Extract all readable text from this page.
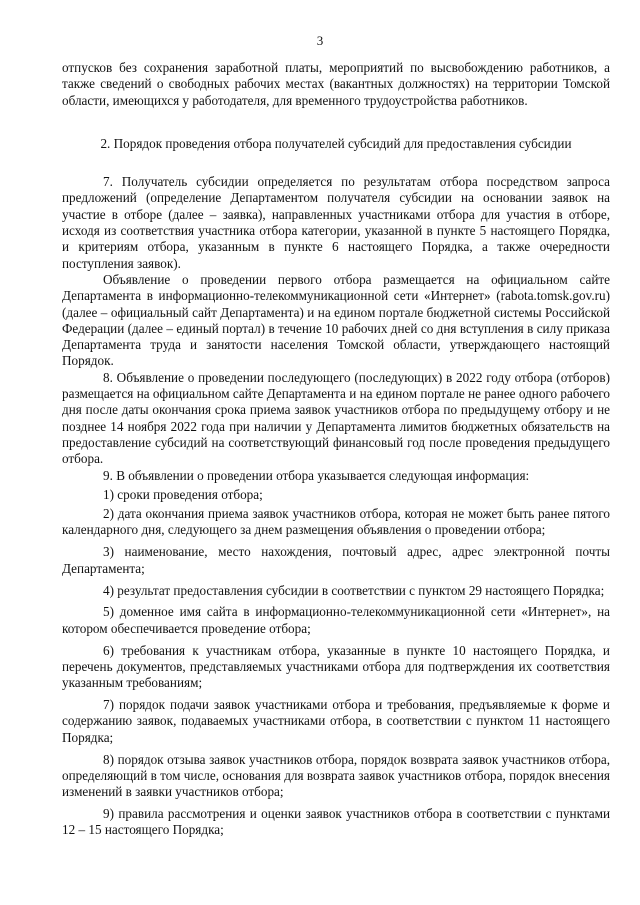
3

отпусков без сохранения заработной платы, мероприятий по высвобождению работников, а также сведений о свободных рабочих местах (вакантных должностях) на территории Томской области, имеющихся у работодателя, для временного трудоустройства работников.

2. Порядок проведения отбора получателей субсидий для предоставления субсидии

7. Получатель субсидии определяется по результатам отбора посредством запроса предложений (определение Департаментом получателя субсидии на основании заявок на участие в отборе (далее – заявка), направленных участниками отбора для участия в отборе, исходя из соответствия участника отбора категории, указанной в пункте 5 настоящего Порядка, и критериям отбора, указанным в пункте 6 настоящего Порядка, а также очередности поступления заявок).

Объявление о проведении первого отбора размещается на официальном сайте Департамента в информационно-телекоммуникационной сети «Интернет» (rabota.tomsk.gov.ru) (далее – официальный сайт Департамента) и на едином портале бюджетной системы Российской Федерации (далее – единый портал) в течение 10 рабочих дней со дня вступления в силу приказа Департамента труда и занятости населения Томской области, утверждающего настоящий Порядок.

8. Объявление о проведении последующего (последующих) в 2022 году отбора (отборов) размещается на официальном сайте Департамента и на едином портале не ранее одного рабочего дня после даты окончания срока приема заявок участников отбора по предыдущему отбору и не позднее 14 ноября 2022 года при наличии у Департамента лимитов бюджетных обязательств на предоставление субсидий на соответствующий финансовый год после проведения предыдущего отбора.

9. В объявлении о проведении отбора указывается следующая информация:

1) сроки проведения отбора;

2) дата окончания приема заявок участников отбора, которая не может быть ранее пятого календарного дня, следующего за днем размещения объявления о проведении отбора;

3) наименование, место нахождения, почтовый адрес, адрес электронной почты Департамента;

4) результат предоставления субсидии в соответствии с пунктом 29 настоящего Порядка;

5) доменное имя сайта в информационно-телекоммуникационной сети «Интернет», на котором обеспечивается проведение отбора;

6) требования к участникам отбора, указанные в пункте 10 настоящего Порядка, и перечень документов, представляемых участниками отбора для подтверждения их соответствия указанным требованиям;

7) порядок подачи заявок участниками отбора и требования, предъявляемые к форме и содержанию заявок, подаваемых участниками отбора, в соответствии с пунктом 11 настоящего Порядка;

8) порядок отзыва заявок участников отбора, порядок возврата заявок участников отбора, определяющий в том числе, основания для возврата заявок участников отбора, порядок внесения изменений в заявки участников отбора;

9) правила рассмотрения и оценки заявок участников отбора в соответствии с пунктами 12 – 15 настоящего Порядка;
